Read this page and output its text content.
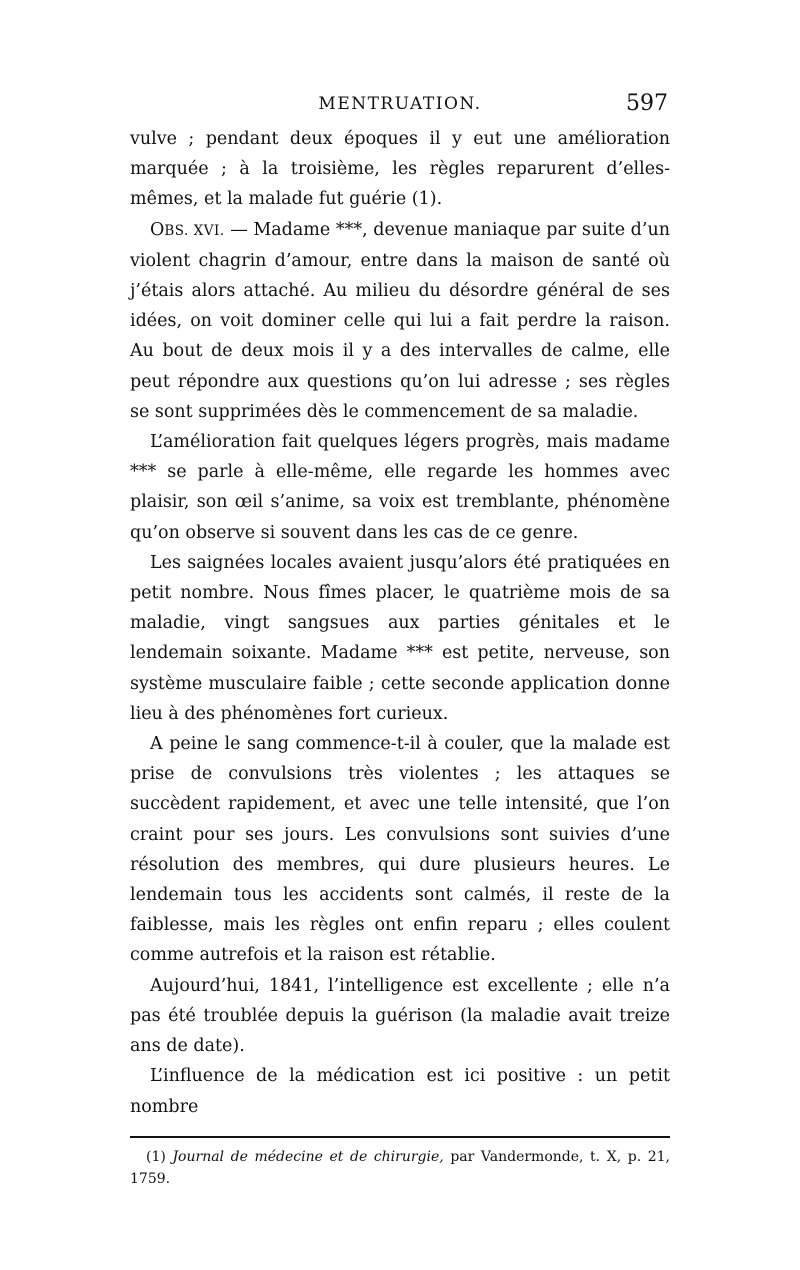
MENTRUATION.	597

vulve ; pendant deux époques il y eut une amélioration marquée ; à la troisième, les règles reparurent d’elles-mêmes, et la malade fut guérie (1).

OBS. XVI. — Madame ***, devenue maniaque par suite d’un violent chagrin d’amour, entre dans la maison de santé où j’étais alors attaché. Au milieu du désordre général de ses idées, on voit dominer celle qui lui a fait perdre la raison. Au bout de deux mois il y a des intervalles de calme, elle peut répondre aux questions qu’on lui adresse ; ses règles se sont supprimées dès le commencement de sa maladie.

L’amélioration fait quelques légers progrès, mais madame *** se parle à elle-même, elle regarde les hommes avec plaisir, son œil s’anime, sa voix est tremblante, phénomène qu’on observe si souvent dans les cas de ce genre.

Les saignées locales avaient jusqu’alors été pratiquées en petit nombre. Nous fîmes placer, le quatrième mois de sa maladie, vingt sangsues aux parties génitales et le lendemain soixante. Madame *** est petite, nerveuse, son système musculaire faible ; cette seconde application donne lieu à des phénomènes fort curieux.

A peine le sang commence-t-il à couler, que la malade est prise de convulsions très violentes ; les attaques se succèdent rapidement, et avec une telle intensité, que l’on craint pour ses jours. Les convulsions sont suivies d’une résolution des membres, qui dure plusieurs heures. Le lendemain tous les accidents sont calmés, il reste de la faiblesse, mais les règles ont enfin reparu ; elles coulent comme autrefois et la raison est rétablie.

Aujourd’hui, 1841, l’intelligence est excellente ; elle n’a pas été troublée depuis la guérison (la maladie avait treize ans de date).

L’influence de la médication est ici positive : un petit nombre

(1) Journal de médecine et de chirurgie, par Vandermonde, t. X, p. 21, 1759.
